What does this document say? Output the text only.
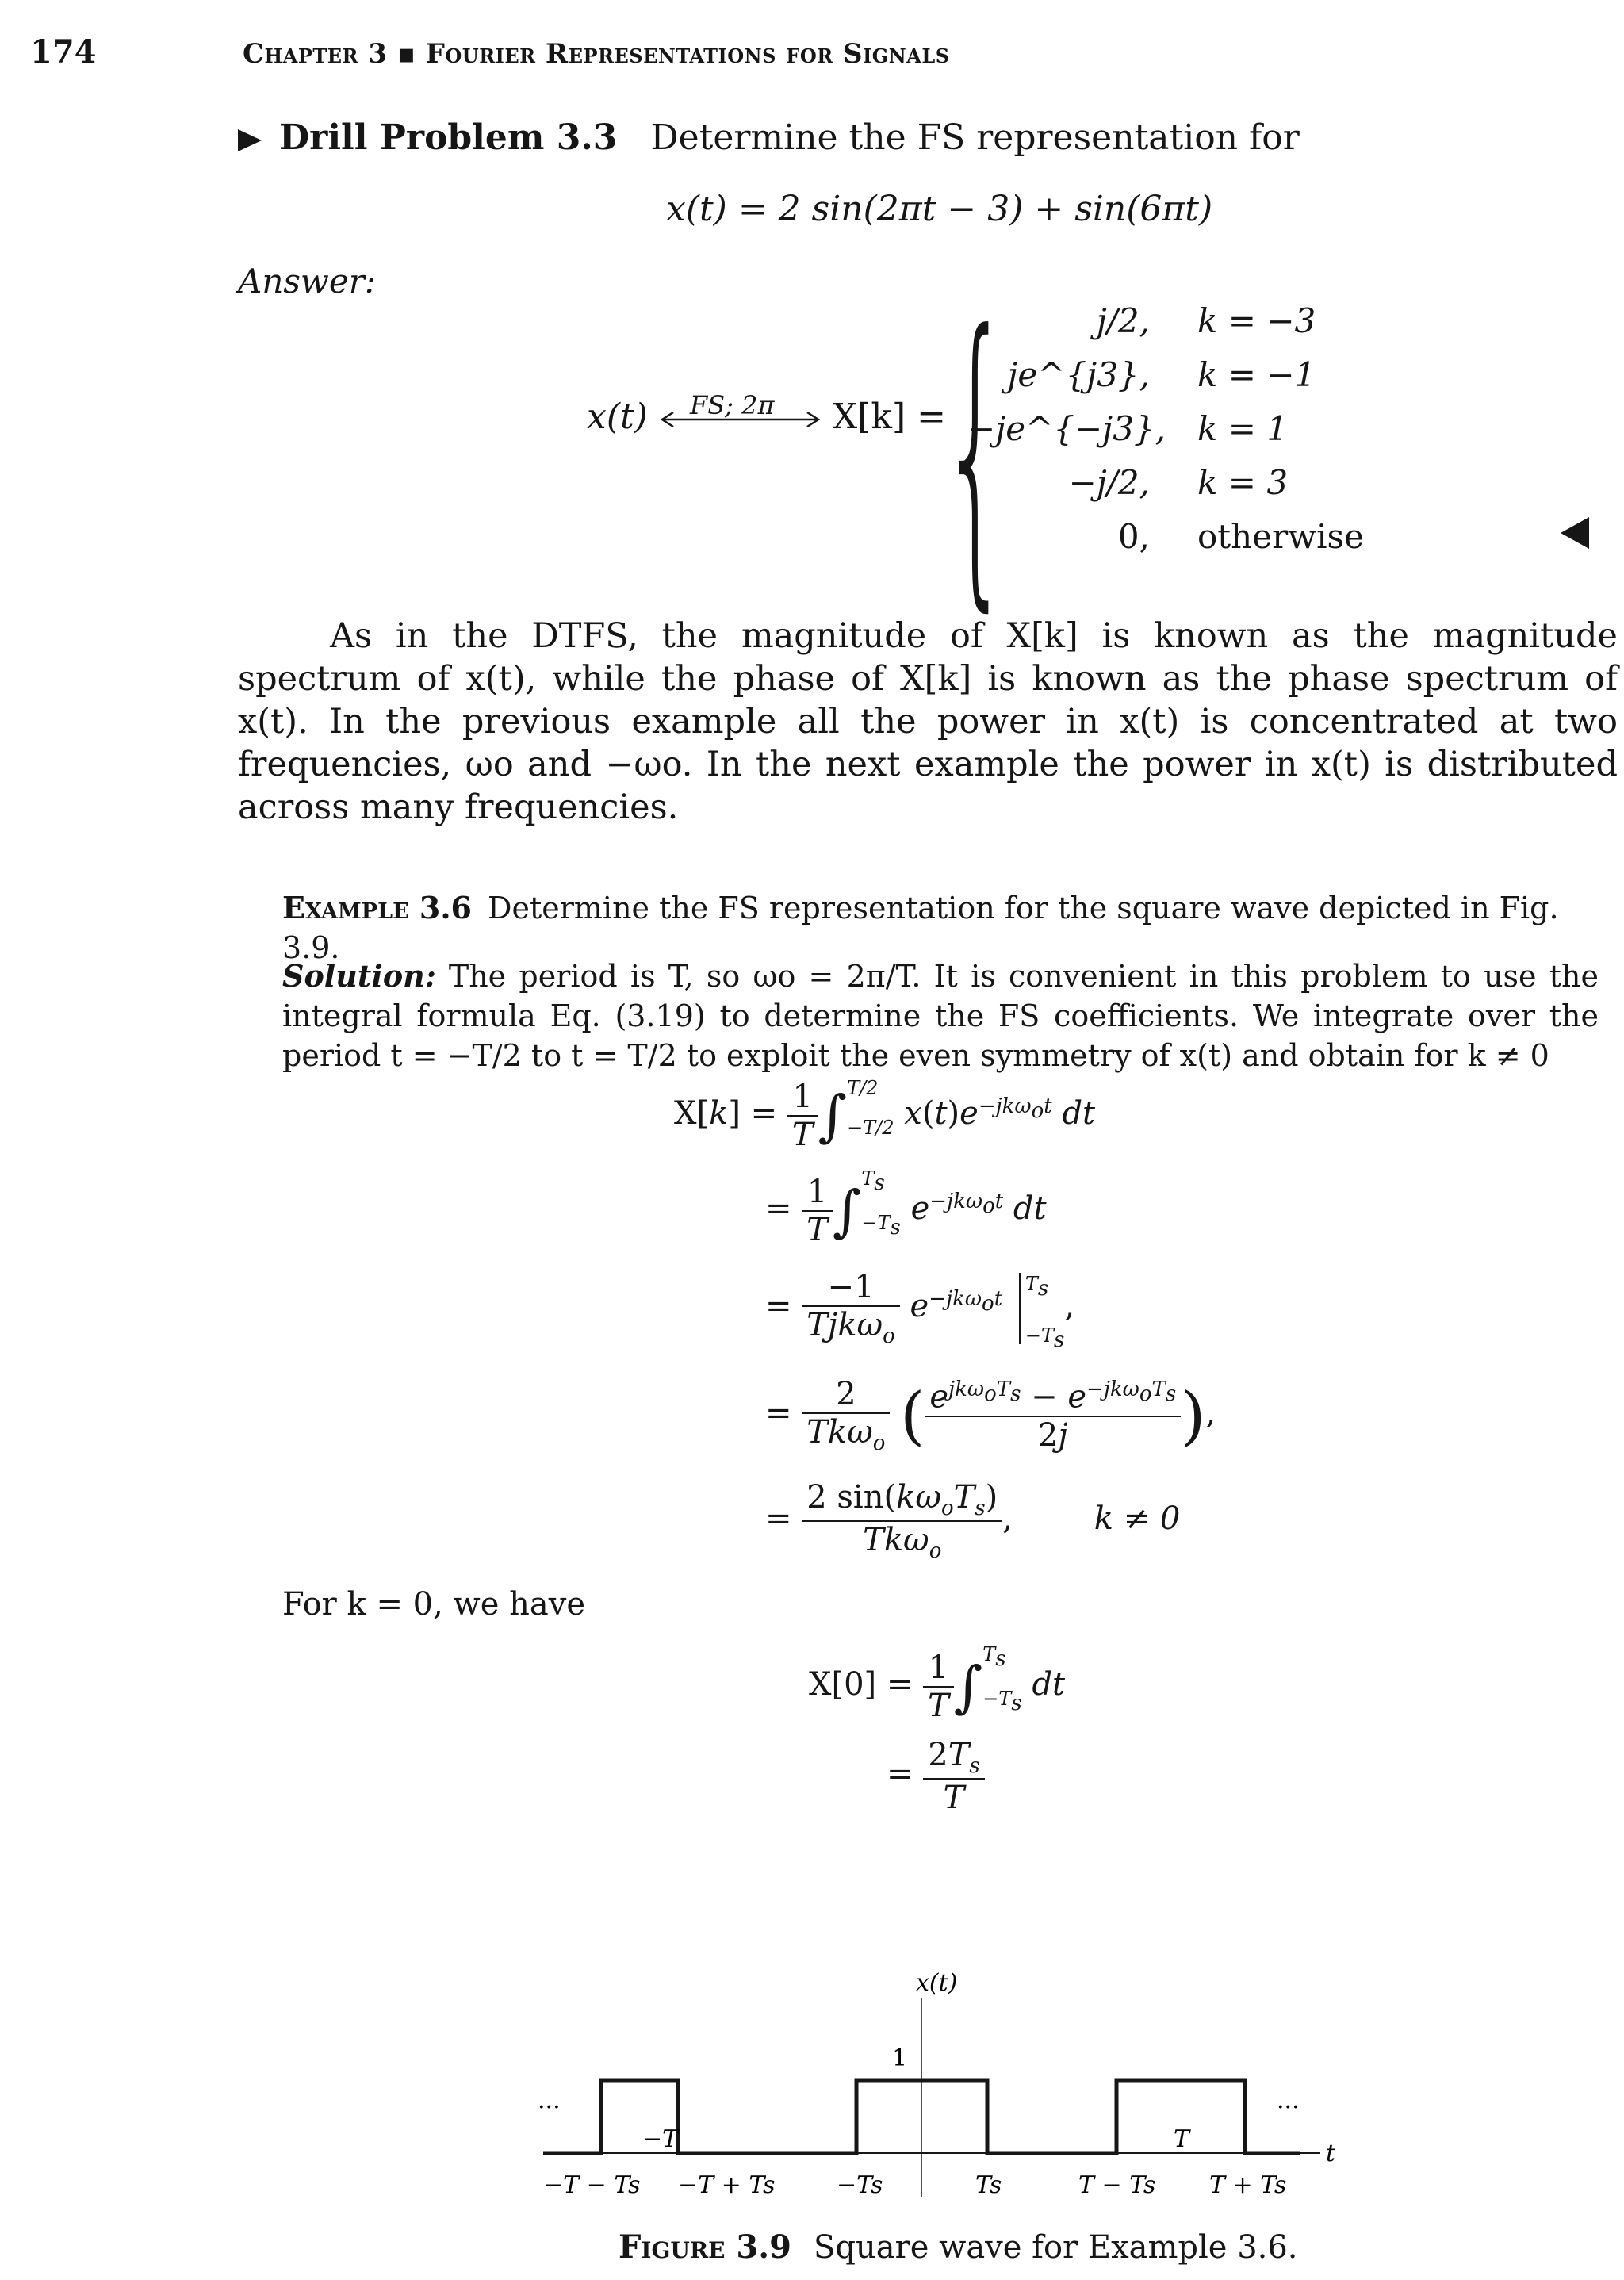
174	Chapter 3 ▪ Fourier Representations for Signals
Drill Problem 3.3 Determine the FS representation for
x(t) = 2 sin(2πt − 3) + sin(6πt)
Answer:
x(t)	X[k] =
FS; 2π {	j/2, k = −3
je^{j3}, k = −1
−je^{−j3}, k = 1
−j/2, k = 3
0, otherwise
As in the DTFS, the magnitude of X[k] is known as the magnitude spectrum of x(t), while the phase of X[k] is known as the phase spectrum of x(t). In the previous example all the power in x(t) is concentrated at two frequencies, ωo and −ωo. In the next example the power in x(t) is distributed across many frequencies.
Example 3.6 Determine the FS representation for the square wave depicted in Fig. 3.9.
Solution: The period is T, so ωo = 2π/T. It is convenient in this problem to use the integral formula Eq. (3.19) to determine the FS coefficients. We integrate over the period t = −T/2 to t = T/2 to exploit the even symmetry of x(t) and obtain for k ≠ 0
$X[k] = \frac{1}{T}$ ∫ T/2
−T/2 $x(t)e^{-jk\omega_ot}$ dt
= $\frac{1}{T}$ ∫ $T_s$
$-T_s$
$e^{-jk\omega_ot}$ dt
= $\frac{-1}{Tjk\omega_o} e^{-jk\omega_ot}$
$T_s$
$-T_s$
,
= $\frac{2}{Tk\omega_o}$ ( $\frac{e^{jk\omega_oT_s} - e^{-jk\omega_oT_s}}{2j}$ ),
= $\frac{2 \sin(k\omega_oT_s)}{Tk\omega_o}$ ,	k ≠ 0
For k = 0, we have
$X[0] = \frac{1}{T}$ ∫ $T_s$
$-T_s$
dt
= $\frac{2T_s}{T}$
x(t)
t
1
...	...
−T	T
−T − Ts −T + Ts	−Ts	Ts	T − Ts T + Ts
Figure 3.9 Square wave for Example 3.6.
